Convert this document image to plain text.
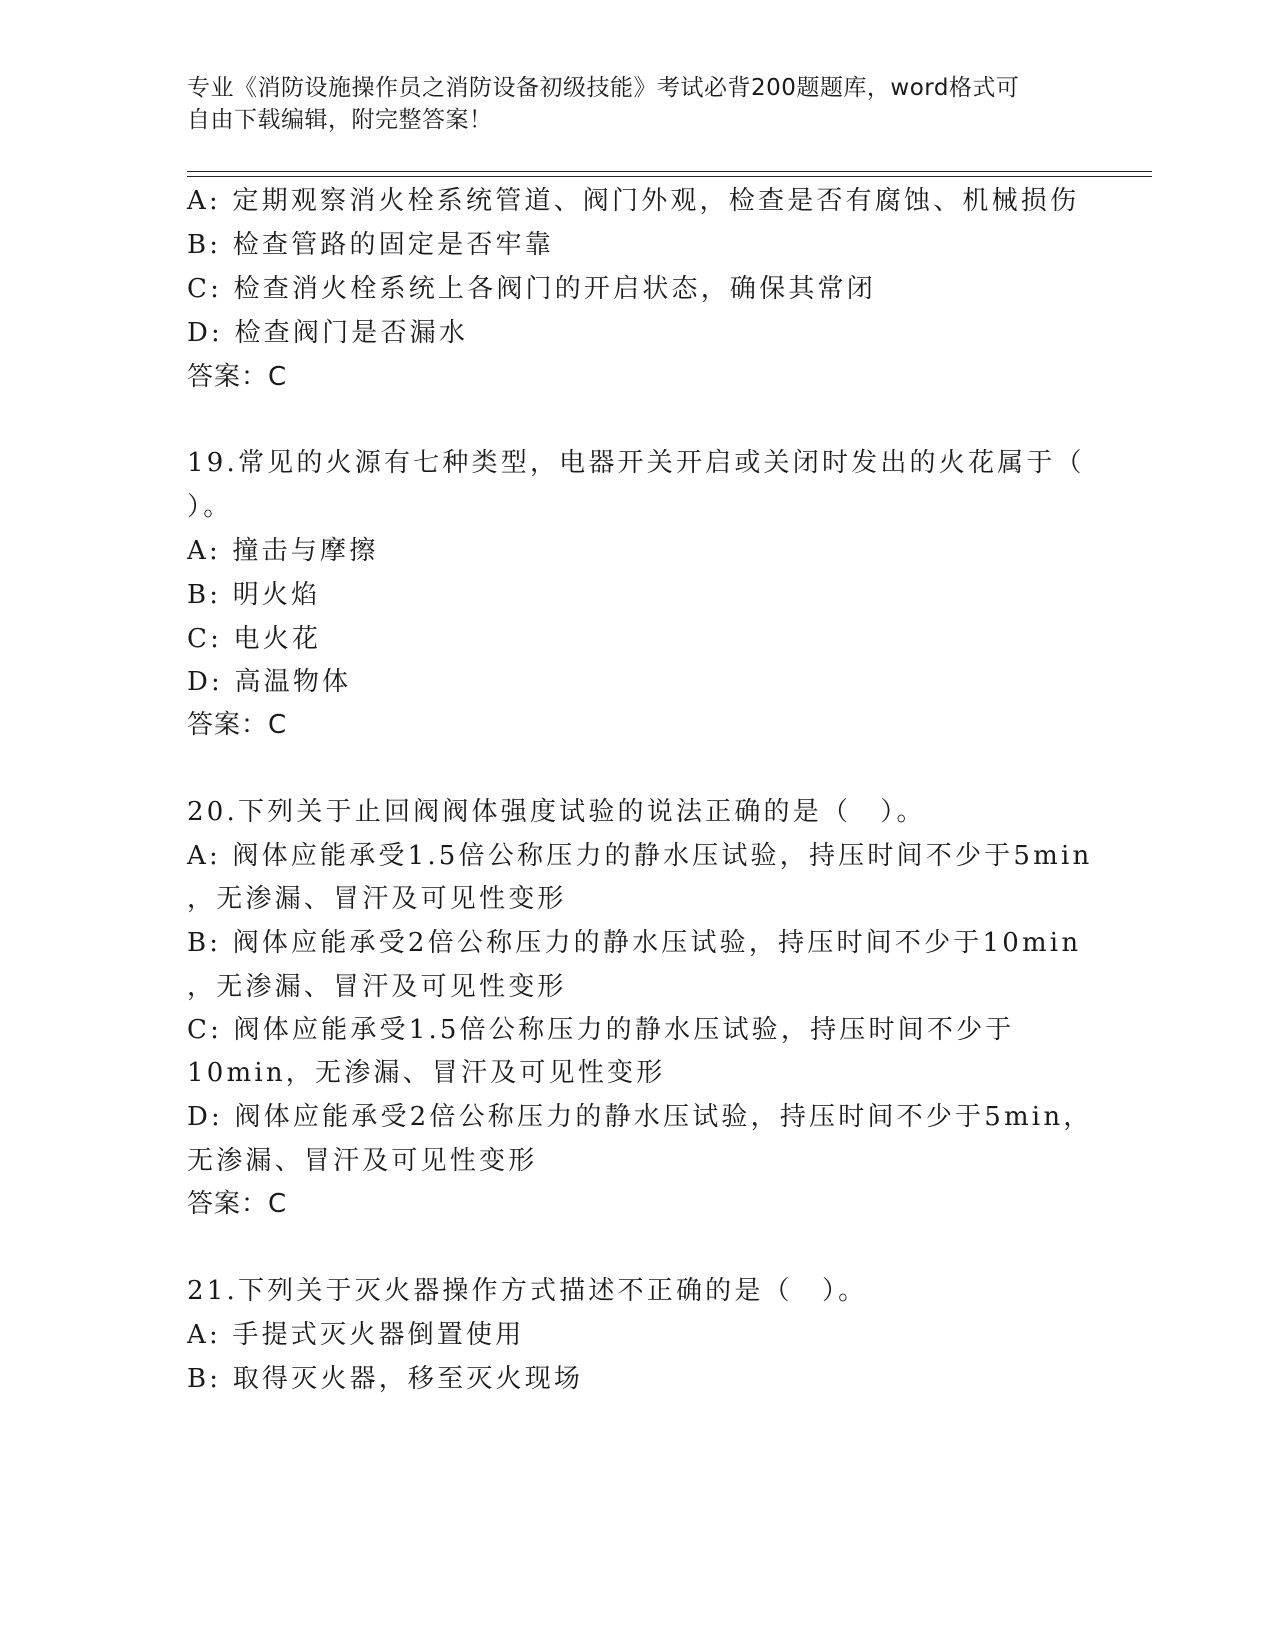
专业《消防设施操作员之消防设备初级技能》考试必背200题题库，word格式可
自由下载编辑，附完整答案！
A: 定期观察消火栓系统管道、阀门外观，检查是否有腐蚀、机械损伤
B: 检查管路的固定是否牢靠
C: 检查消火栓系统上各阀门的开启状态，确保其常闭
D: 检查阀门是否漏水
答案：C
19.常见的火源有七种类型，电器开关开启或关闭时发出的火花属于（
）。
A: 撞击与摩擦
B: 明火焰
C: 电火花
D: 高温物体
答案：C
20.下列关于止回阀阀体强度试验的说法正确的是（　）。
A: 阀体应能承受1.5倍公称压力的静水压试验，持压时间不少于5min
，无渗漏、冒汗及可见性变形
B: 阀体应能承受2倍公称压力的静水压试验，持压时间不少于10min
，无渗漏、冒汗及可见性变形
C: 阀体应能承受1.5倍公称压力的静水压试验，持压时间不少于
10min，无渗漏、冒汗及可见性变形
D: 阀体应能承受2倍公称压力的静水压试验，持压时间不少于5min，
无渗漏、冒汗及可见性变形
答案：C
21.下列关于灭火器操作方式描述不正确的是（　）。
A: 手提式灭火器倒置使用
B: 取得灭火器，移至灭火现场
